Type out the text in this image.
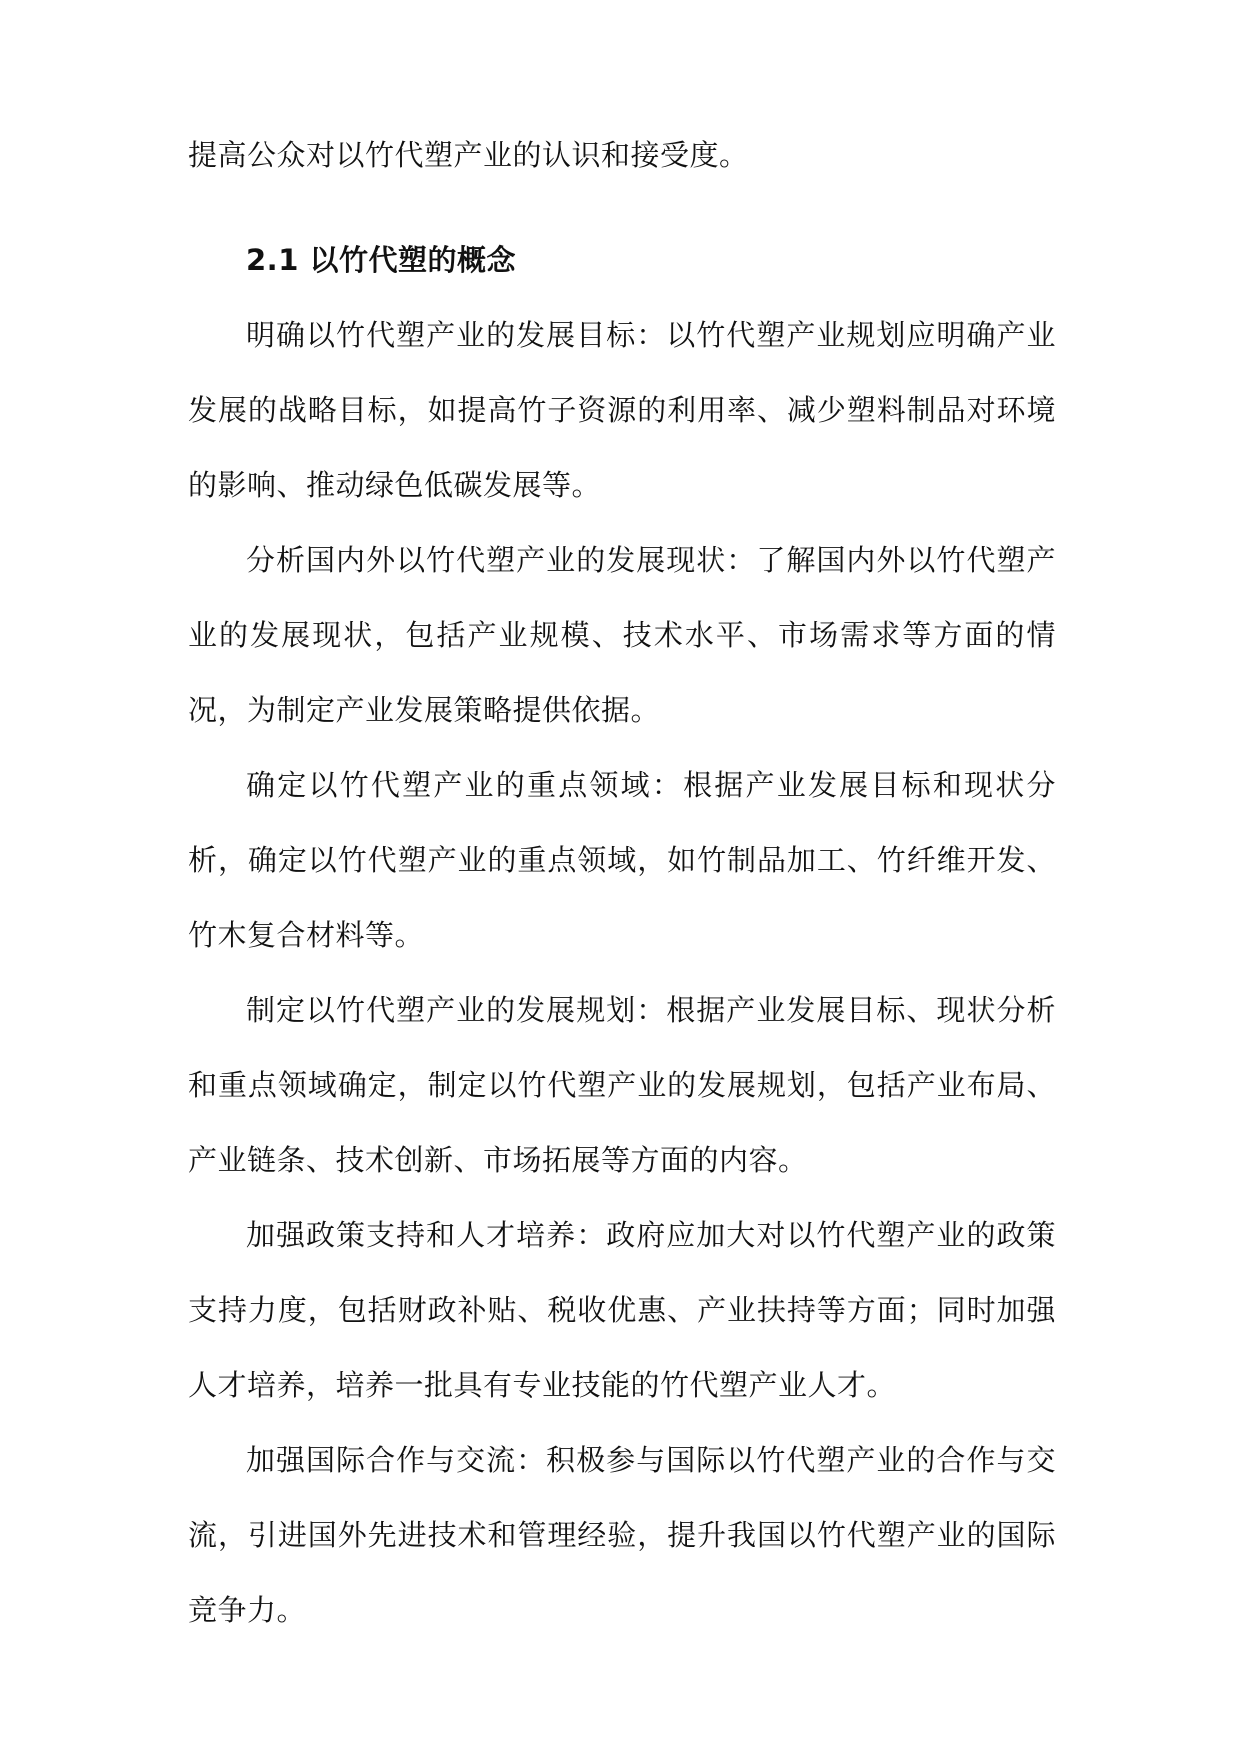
提高公众对以竹代塑产业的认识和接受度。

2.1 以竹代塑的概念

明确以竹代塑产业的发展目标：以竹代塑产业规划应明确产业发展的战略目标，如提高竹子资源的利用率、减少塑料制品对环境的影响、推动绿色低碳发展等。

分析国内外以竹代塑产业的发展现状：了解国内外以竹代塑产业的发展现状，包括产业规模、技术水平、市场需求等方面的情况，为制定产业发展策略提供依据。

确定以竹代塑产业的重点领域：根据产业发展目标和现状分析，确定以竹代塑产业的重点领域，如竹制品加工、竹纤维开发、竹木复合材料等。

制定以竹代塑产业的发展规划：根据产业发展目标、现状分析和重点领域确定，制定以竹代塑产业的发展规划，包括产业布局、产业链条、技术创新、市场拓展等方面的内容。

加强政策支持和人才培养：政府应加大对以竹代塑产业的政策支持力度，包括财政补贴、税收优惠、产业扶持等方面；同时加强人才培养，培养一批具有专业技能的竹代塑产业人才。

加强国际合作与交流：积极参与国际以竹代塑产业的合作与交流，引进国外先进技术和管理经验，提升我国以竹代塑产业的国际竞争力。
